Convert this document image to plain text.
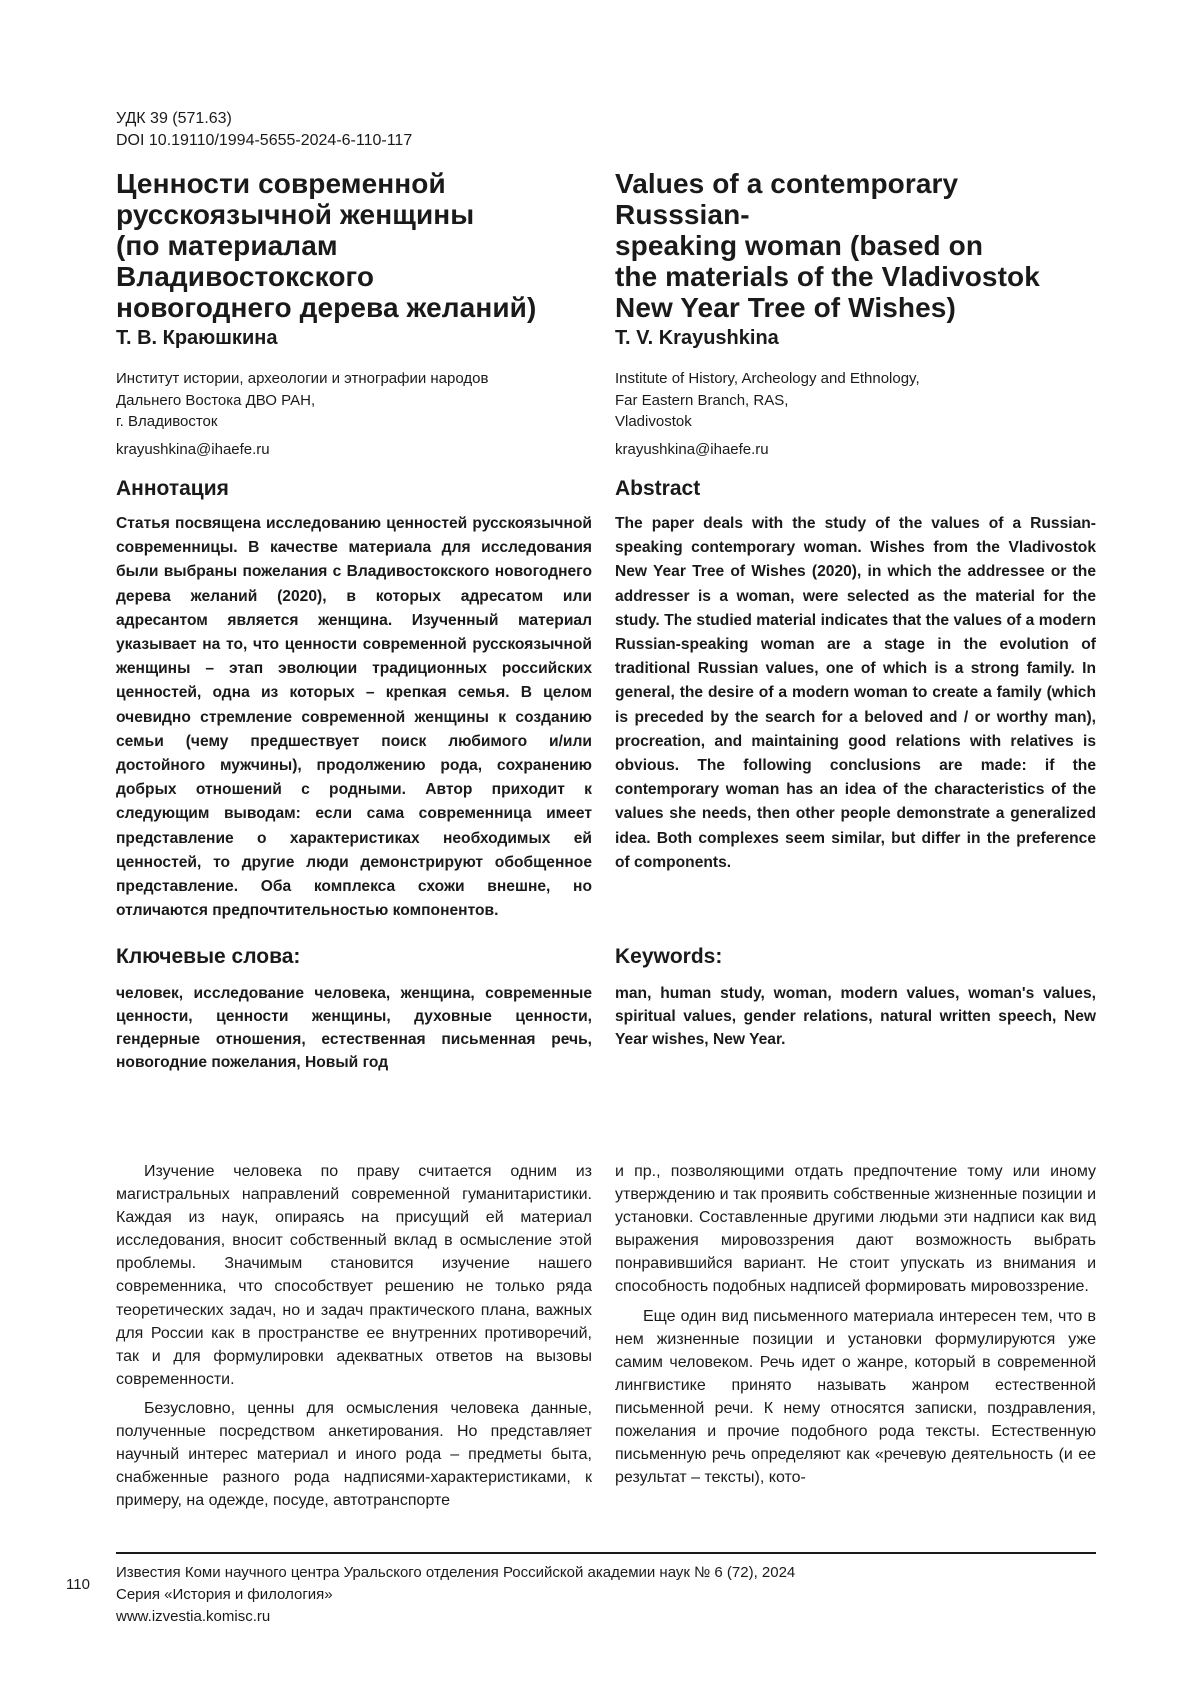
УДК 39 (571.63)
DOI 10.19110/1994-5655-2024-6-110-117
Ценности современной
русскоязычной женщины
(по материалам Владивостокского
новогоднего дерева желаний)
Т. В. Краюшкина
Институт истории, археологии и этнографии народов
Дальнего Востока ДВО РАН,
г. Владивосток
krayushkina@ihaefe.ru
Аннотация
Статья посвящена исследованию ценностей русскоязычной современницы. В качестве материала для исследования были выбраны пожелания с Владивостокского новогоднего дерева желаний (2020), в которых адресатом или адресантом является женщина. Изученный материал указывает на то, что ценности современной русскоязычной женщины – этап эволюции традиционных российских ценностей, одна из которых – крепкая семья. В целом очевидно стремление современной женщины к созданию семьи (чему предшествует поиск любимого и/или достойного мужчины), продолжению рода, сохранению добрых отношений с родными. Автор приходит к следующим выводам: если сама современница имеет представление о характеристиках необходимых ей ценностей, то другие люди демонстрируют обобщенное представление. Оба комплекса схожи внешне, но отличаются предпочтительностью компонентов.
Ключевые слова:
человек, исследование человека, женщина, современные ценности, ценности женщины, духовные ценности, гендерные отношения, естественная письменная речь, новогодние пожелания, Новый год
Values of a contemporary Russsian-
speaking woman (based on
the materials of the Vladivostok
New Year Tree of Wishes)
T. V. Krayushkina
Institute of History, Archeology and Ethnology,
Far Eastern Branch, RAS,
Vladivostok
krayushkina@ihaefe.ru
Abstract
The paper deals with the study of the values of a Russian-speaking contemporary woman. Wishes from the Vladivostok New Year Tree of Wishes (2020), in which the addressee or the addresser is a woman, were selected as the material for the study. The studied material indicates that the values of a modern Russian-speaking woman are a stage in the evolution of traditional Russian values, one of which is a strong family. In general, the desire of a modern woman to create a family (which is preceded by the search for a beloved and / or worthy man), procreation, and maintaining good relations with relatives is obvious. The following conclusions are made: if the contemporary woman has an idea of the characteristics of the values she needs, then other people demonstrate a generalized idea. Both complexes seem similar, but differ in the preference of components.
Keywords:
man, human study, woman, modern values, woman's values, spiritual values, gender relations, natural written speech, New Year wishes, New Year.

Изучение человека по праву считается одним из магистральных направлений современной гуманитаристики. Каждая из наук, опираясь на присущий ей материал исследования, вносит собственный вклад в осмысление этой проблемы. Значимым становится изучение нашего современника, что способствует решению не только ряда теоретических задач, но и задач практического плана, важных для России как в пространстве ее внутренних противоречий, так и для формулировки адекватных ответов на вызовы современности.

Безусловно, ценны для осмысления человека данные, полученные посредством анкетирования. Но представляет научный интерес материал и иного рода – предметы быта, снабженные разного рода надписями-характеристиками, к примеру, на одежде, посуде, автотранспорте

и пр., позволяющими отдать предпочтение тому или иному утверждению и так проявить собственные жизненные позиции и установки. Составленные другими людьми эти надписи как вид выражения мировоззрения дают возможность выбрать понравившийся вариант. Не стоит упускать из внимания и способность подобных надписей формировать мировоззрение.

Еще один вид письменного материала интересен тем, что в нем жизненные позиции и установки формулируются уже самим человеком. Речь идет о жанре, который в современной лингвистике принято называть жанром естественной письменной речи. К нему относятся записки, поздравления, пожелания и прочие подобного рода тексты. Естественную письменную речь определяют как «речевую деятельность (и ее результат – тексты), кото-

110
Известия Коми научного центра Уральского отделения Российской академии наук № 6 (72), 2024
Серия «История и филология»
www.izvestia.komisc.ru
